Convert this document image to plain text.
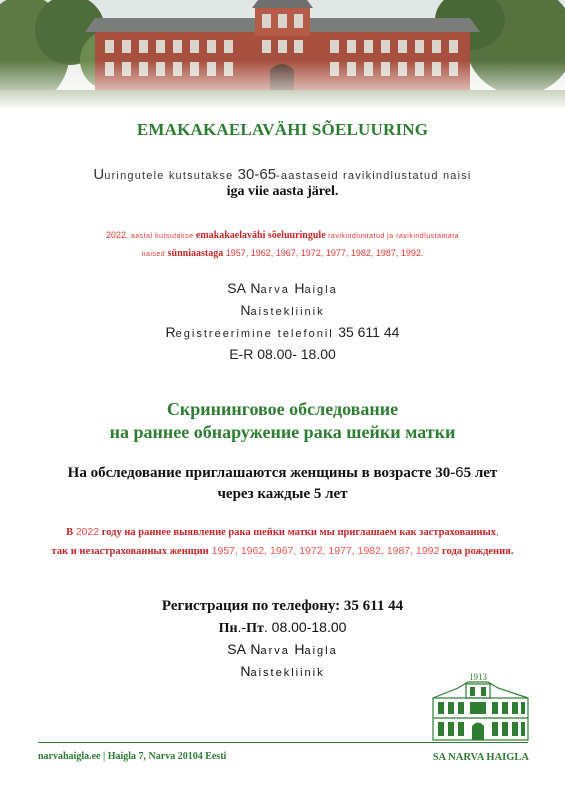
EMAKAKAELAVÄHI SÕELUURING
Uuringutele kutsutakse 30-65-aastaseid ravikindlustatud naisi
iga viie aasta järel.
2022. aastal kutsutakse emakakaelavähi sõeluuringule ravikindlustatud ja ravikindlustamata
naised sünniaastaga 1957, 1962, 1967, 1972, 1977, 1982, 1987, 1992.
SA Narva Haigla
Naistekliinik
Registreerimine telefonil 35 611 44
E-R 08.00- 18.00
Скрининговое обследование
на раннее обнаружение рака шейки матки
На обследование приглашаются женщины в возрасте 30-65 лет
через каждые 5 лет
В 2022 году на раннее выявление рака шейки матки мы приглашаем как застрахованных,
так и незастрахованных женщин 1957, 1962, 1967, 1972, 1977, 1982, 1987, 1992 года рождения.
Регистрация по телефону: 35 611 44
Пн.-Пт. 08.00-18.00
SA Narva Haigla
Naistekliinik	1913
narvahaigla.ee | Haigla 7, Narva 20104 Eesti	SA NARVA HAIGLA
